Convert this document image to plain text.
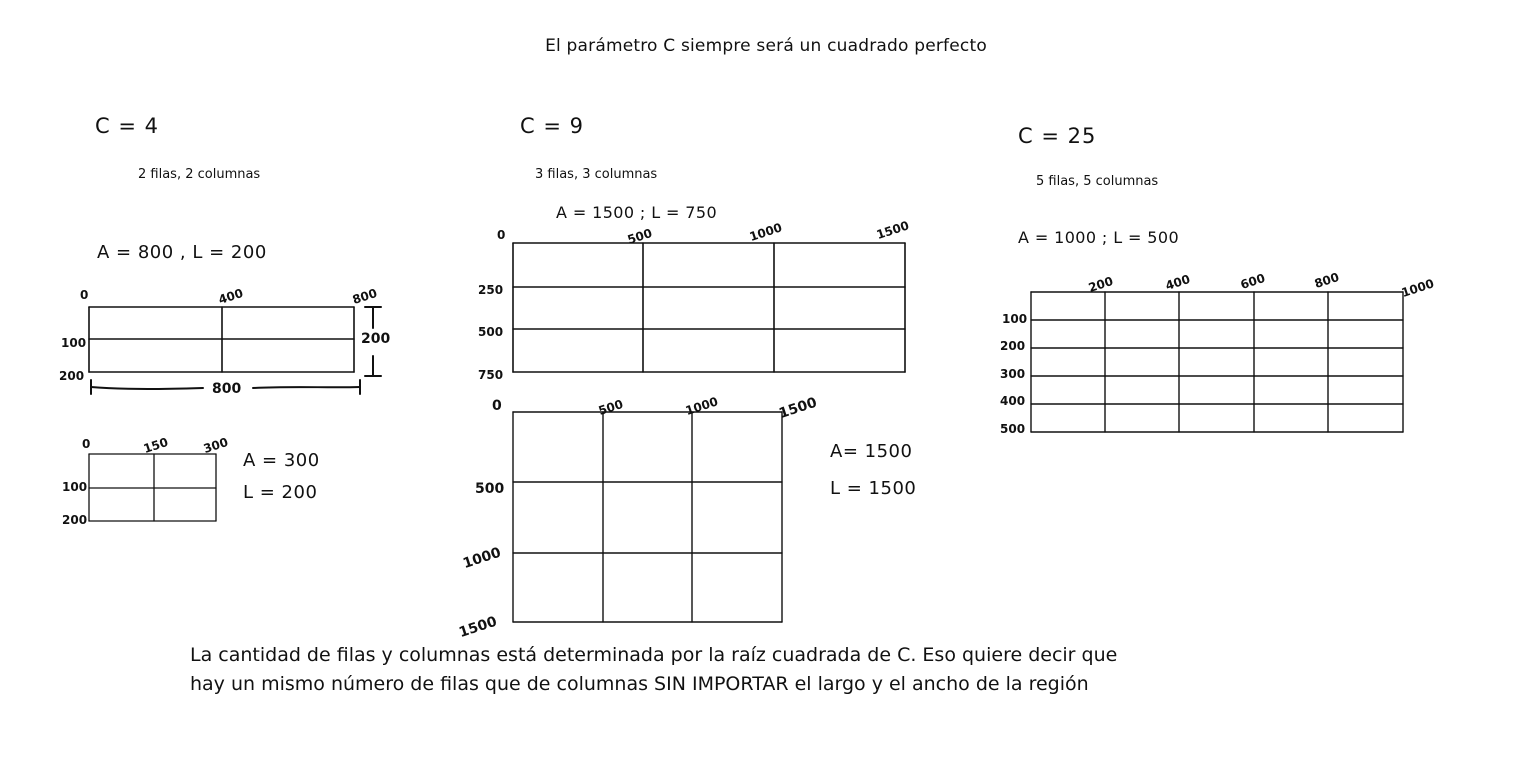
El parámetro C siempre será un cuadrado perfecto
C = 4
2 filas, 2 columnas
A = 800 , L = 200
0	400	800
100
200
800
200
0	150	300
100
200
A = 300
L = 200
C = 9
3 filas, 3 columnas
A = 1500 ; L = 750
0	500	1000	1500
250
500
750
0	500	1000	1500
500
1000
1500
A= 1500
L = 1500
C = 25
5 filas, 5 columnas
A = 1000 ; L = 500
200	400	600	800	1000
100
200
300
400
500
La cantidad de filas y columnas está determinada por la raíz cuadrada de C. Eso quiere decir que
hay un mismo número de filas que de columnas SIN IMPORTAR el largo y el ancho de la región
